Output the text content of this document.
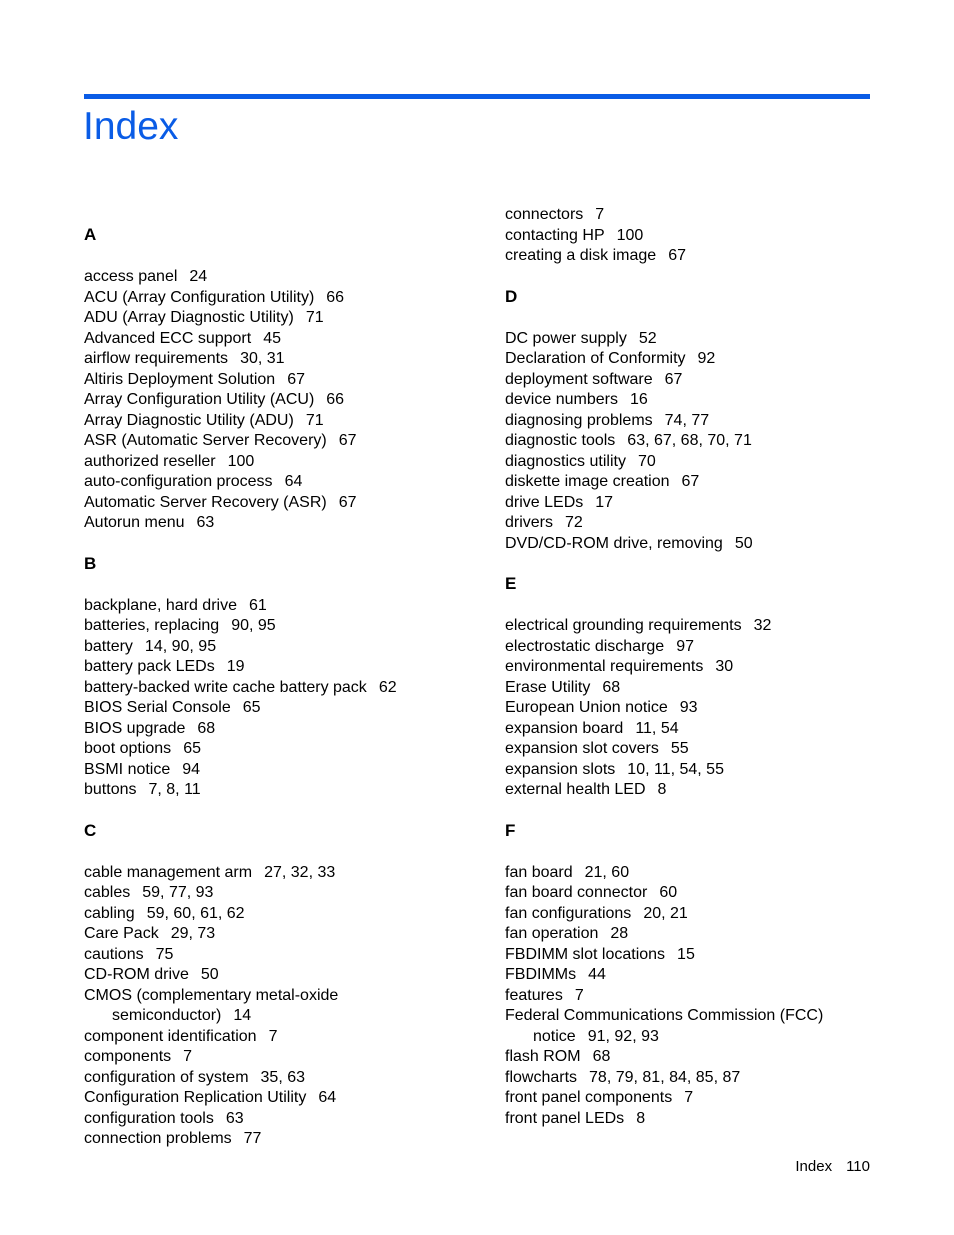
Index
A
access panel 24
ACU (Array Configuration Utility) 66
ADU (Array Diagnostic Utility) 71
Advanced ECC support 45
airflow requirements 30, 31
Altiris Deployment Solution 67
Array Configuration Utility (ACU) 66
Array Diagnostic Utility (ADU) 71
ASR (Automatic Server Recovery) 67
authorized reseller 100
auto-configuration process 64
Automatic Server Recovery (ASR) 67
Autorun menu 63
B
backplane, hard drive 61
batteries, replacing 90, 95
battery 14, 90, 95
battery pack LEDs 19
battery-backed write cache battery pack 62
BIOS Serial Console 65
BIOS upgrade 68
boot options 65
BSMI notice 94
buttons 7, 8, 11
C
cable management arm 27, 32, 33
cables 59, 77, 93
cabling 59, 60, 61, 62
Care Pack 29, 73
cautions 75
CD-ROM drive 50
CMOS (complementary metal-oxide
semiconductor) 14
component identification 7
components 7
configuration of system 35, 63
Configuration Replication Utility 64
configuration tools 63
connection problems 77
connectors 7
contacting HP 100
creating a disk image 67
D
DC power supply 52
Declaration of Conformity 92
deployment software 67
device numbers 16
diagnosing problems 74, 77
diagnostic tools 63, 67, 68, 70, 71
diagnostics utility 70
diskette image creation 67
drive LEDs 17
drivers 72
DVD/CD-ROM drive, removing 50
E
electrical grounding requirements 32
electrostatic discharge 97
environmental requirements 30
Erase Utility 68
European Union notice 93
expansion board 11, 54
expansion slot covers 55
expansion slots 10, 11, 54, 55
external health LED 8
F
fan board 21, 60
fan board connector 60
fan configurations 20, 21
fan operation 28
FBDIMM slot locations 15
FBDIMMs 44
features 7
Federal Communications Commission (FCC)
notice 91, 92, 93
flash ROM 68
flowcharts 78, 79, 81, 84, 85, 87
front panel components 7
front panel LEDs 8
Index 110
